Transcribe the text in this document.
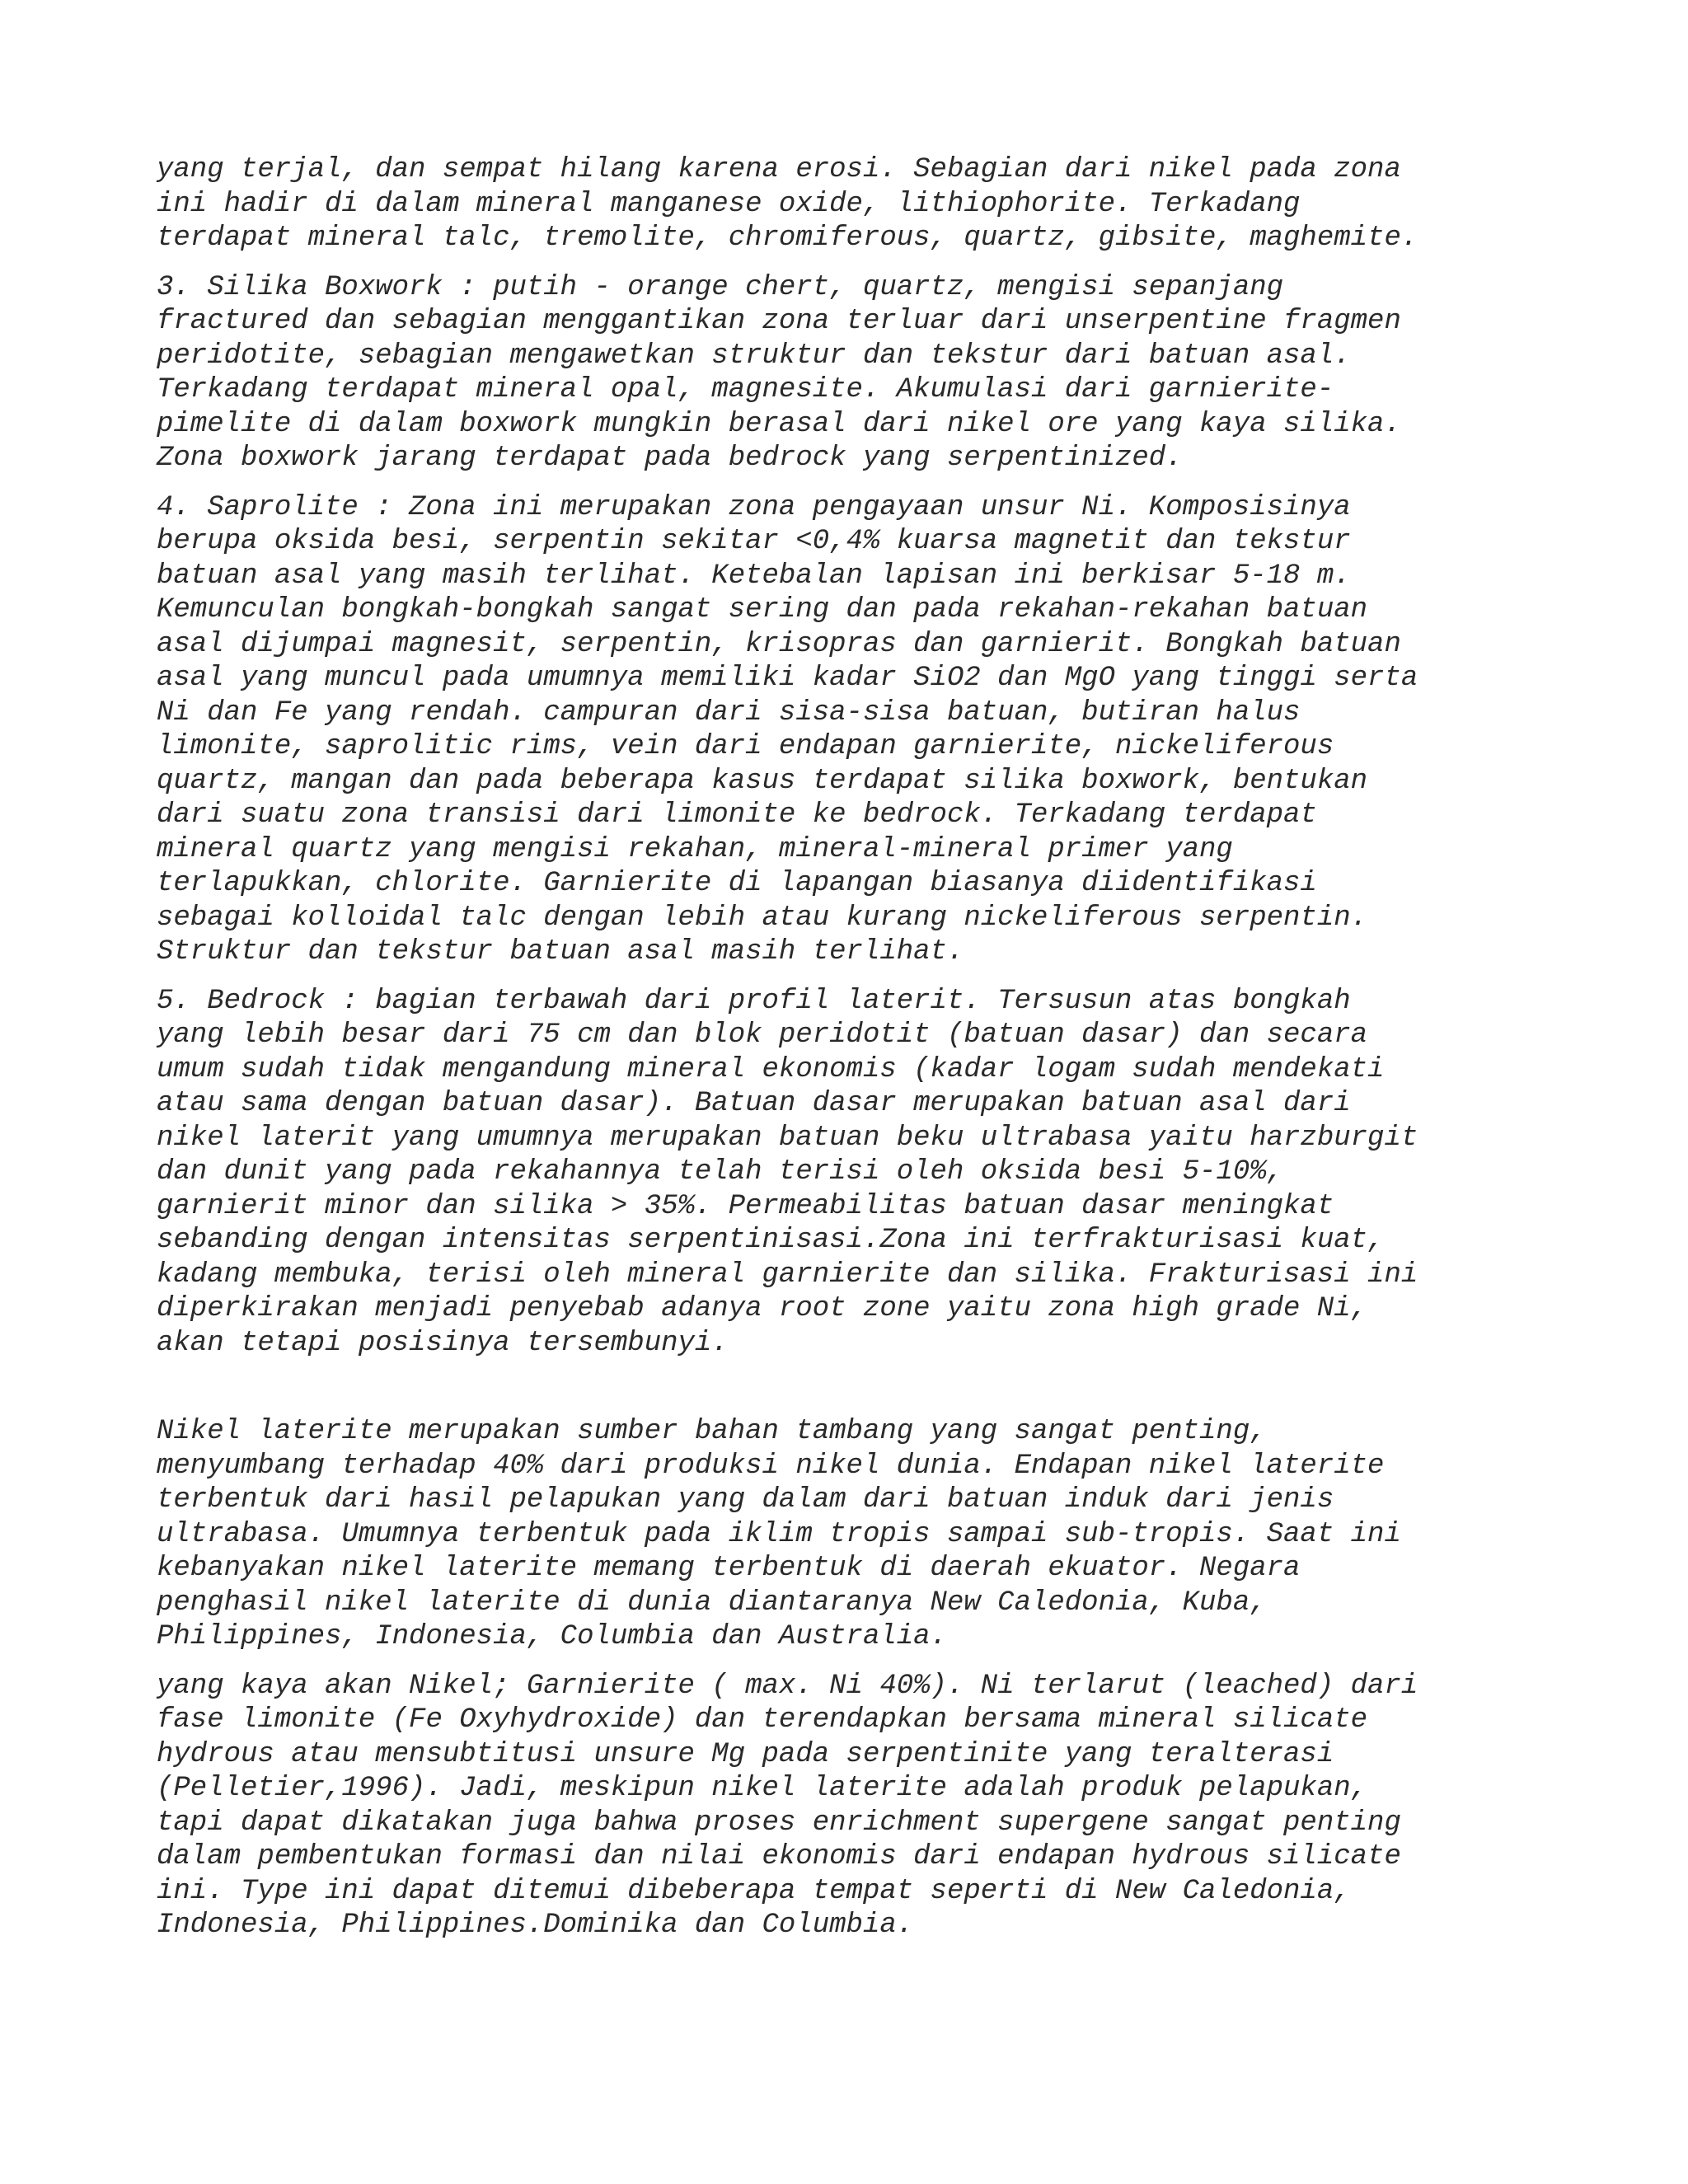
yang terjal, dan sempat hilang karena erosi. Sebagian dari nikel pada zona
ini hadir di dalam mineral manganese oxide, lithiophorite. Terkadang
terdapat mineral talc, tremolite, chromiferous, quartz, gibsite, maghemite.

3. Silika Boxwork : putih - orange chert, quartz, mengisi sepanjang
fractured dan sebagian menggantikan zona terluar dari unserpentine fragmen
peridotite, sebagian mengawetkan struktur dan tekstur dari batuan asal.
Terkadang terdapat mineral opal, magnesite. Akumulasi dari garnierite-
pimelite di dalam boxwork mungkin berasal dari nikel ore yang kaya silika.
Zona boxwork jarang terdapat pada bedrock yang serpentinized.

4. Saprolite : Zona ini merupakan zona pengayaan unsur Ni. Komposisinya
berupa oksida besi, serpentin sekitar <0,4% kuarsa magnetit dan tekstur
batuan asal yang masih terlihat. Ketebalan lapisan ini berkisar 5-18 m.
Kemunculan bongkah-bongkah sangat sering dan pada rekahan-rekahan batuan
asal dijumpai magnesit, serpentin, krisopras dan garnierit. Bongkah batuan
asal yang muncul pada umumnya memiliki kadar SiO2 dan MgO yang tinggi serta
Ni dan Fe yang rendah. campuran dari sisa-sisa batuan, butiran halus
limonite, saprolitic rims, vein dari endapan garnierite, nickeliferous
quartz, mangan dan pada beberapa kasus terdapat silika boxwork, bentukan
dari suatu zona transisi dari limonite ke bedrock. Terkadang terdapat
mineral quartz yang mengisi rekahan, mineral-mineral primer yang
terlapukkan, chlorite. Garnierite di lapangan biasanya diidentifikasi
sebagai kolloidal talc dengan lebih atau kurang nickeliferous serpentin.
Struktur dan tekstur batuan asal masih terlihat.

5. Bedrock : bagian terbawah dari profil laterit. Tersusun atas bongkah
yang lebih besar dari 75 cm dan blok peridotit (batuan dasar) dan secara
umum sudah tidak mengandung mineral ekonomis (kadar logam sudah mendekati
atau sama dengan batuan dasar). Batuan dasar merupakan batuan asal dari
nikel laterit yang umumnya merupakan batuan beku ultrabasa yaitu harzburgit
dan dunit yang pada rekahannya telah terisi oleh oksida besi 5-10%,
garnierit minor dan silika > 35%. Permeabilitas batuan dasar meningkat
sebanding dengan intensitas serpentinisasi.Zona ini terfrakturisasi kuat,
kadang membuka, terisi oleh mineral garnierite dan silika. Frakturisasi ini
diperkirakan menjadi penyebab adanya root zone yaitu zona high grade Ni,
akan tetapi posisinya tersembunyi.

Nikel laterite merupakan sumber bahan tambang yang sangat penting,
menyumbang terhadap 40% dari produksi nikel dunia. Endapan nikel laterite
terbentuk dari hasil pelapukan yang dalam dari batuan induk dari jenis
ultrabasa. Umumnya terbentuk pada iklim tropis sampai sub-tropis. Saat ini
kebanyakan nikel laterite memang terbentuk di daerah ekuator. Negara
penghasil nikel laterite di dunia diantaranya New Caledonia, Kuba,
Philippines, Indonesia, Columbia dan Australia.

yang kaya akan Nikel; Garnierite ( max. Ni 40%). Ni terlarut (leached) dari
fase limonite (Fe Oxyhydroxide) dan terendapkan bersama mineral silicate
hydrous atau mensubtitusi unsure Mg pada serpentinite yang teralterasi
(Pelletier,1996). Jadi, meskipun nikel laterite adalah produk pelapukan,
tapi dapat dikatakan juga bahwa proses enrichment supergene sangat penting
dalam pembentukan formasi dan nilai ekonomis dari endapan hydrous silicate
ini. Type ini dapat ditemui dibeberapa tempat seperti di New Caledonia,
Indonesia, Philippines.Dominika dan Columbia.
